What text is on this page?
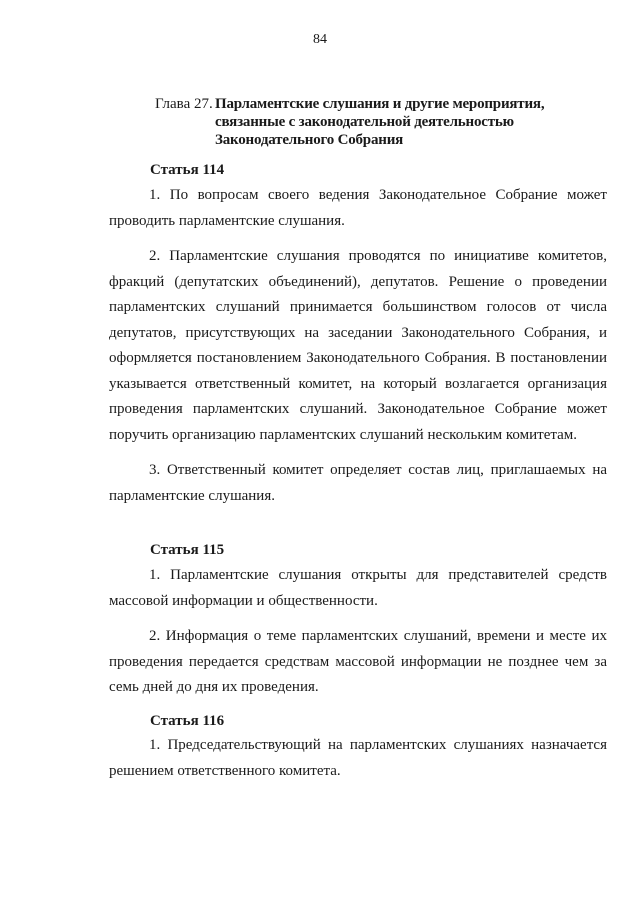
84
Глава 27. Парламентские слушания и другие мероприятия,
связанные с законодательной деятельностью
Законодательного Собрания
Статья 114

1. По вопросам своего ведения Законодательное Собрание может проводить парламентские слушания.

2. Парламентские слушания проводятся по инициативе комитетов, фракций (депутатских объединений), депутатов. Решение о проведении парламентских слушаний принимается большинством голосов от числа депутатов, присутствующих на заседании Законодательного Собрания, и оформляется постановлением Законодательного Собрания. В постановлении указывается ответственный комитет, на который возлагается организация проведения парламентских слушаний. Законодательное Собрание может поручить организацию парламентских слушаний нескольким комитетам.

3. Ответственный комитет определяет состав лиц, приглашаемых на парламентские слушания.

Статья 115

1. Парламентские слушания открыты для представителей средств массовой информации и общественности.

2. Информация о теме парламентских слушаний, времени и месте их проведения передается средствам массовой информации не позднее чем за семь дней до дня их проведения.

Статья 116

1. Председательствующий на парламентских слушаниях назначается решением ответственного комитета.
